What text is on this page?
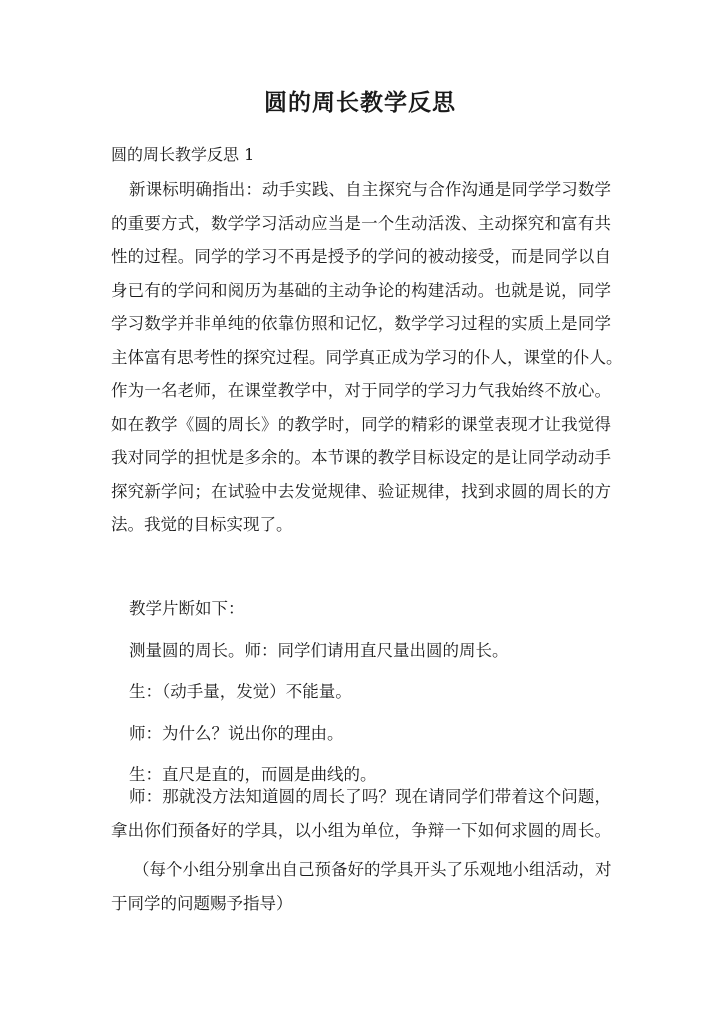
圆的周长教学反思
圆的周长教学反思 1
新课标明确指出：动手实践、自主探究与合作沟通是同学学习数学
的重要方式，数学学习活动应当是一个生动活泼、主动探究和富有共
性的过程。同学的学习不再是授予的学问的被动接受，而是同学以自
身已有的学问和阅历为基础的主动争论的构建活动。也就是说，同学
学习数学并非单纯的依靠仿照和记忆，数学学习过程的实质上是同学
主体富有思考性的探究过程。同学真正成为学习的仆人，课堂的仆人。
作为一名老师，在课堂教学中，对于同学的学习力气我始终不放心。
如在教学《圆的周长》的教学时，同学的精彩的课堂表现才让我觉得
我对同学的担忧是多余的。本节课的教学目标设定的是让同学动动手
探究新学问；在试验中去发觉规律、验证规律，找到求圆的周长的方
法。我觉的目标实现了。
教学片断如下：
测量圆的周长。师：同学们请用直尺量出圆的周长。
生：（动手量，发觉）不能量。
师：为什么？说出你的理由。
生：直尺是直的，而圆是曲线的。
师：那就没方法知道圆的周长了吗？现在请同学们带着这个问题，
拿出你们预备好的学具，以小组为单位，争辩一下如何求圆的周长。
（每个小组分别拿出自己预备好的学具开头了乐观地小组活动，对
于同学的问题赐予指导）
